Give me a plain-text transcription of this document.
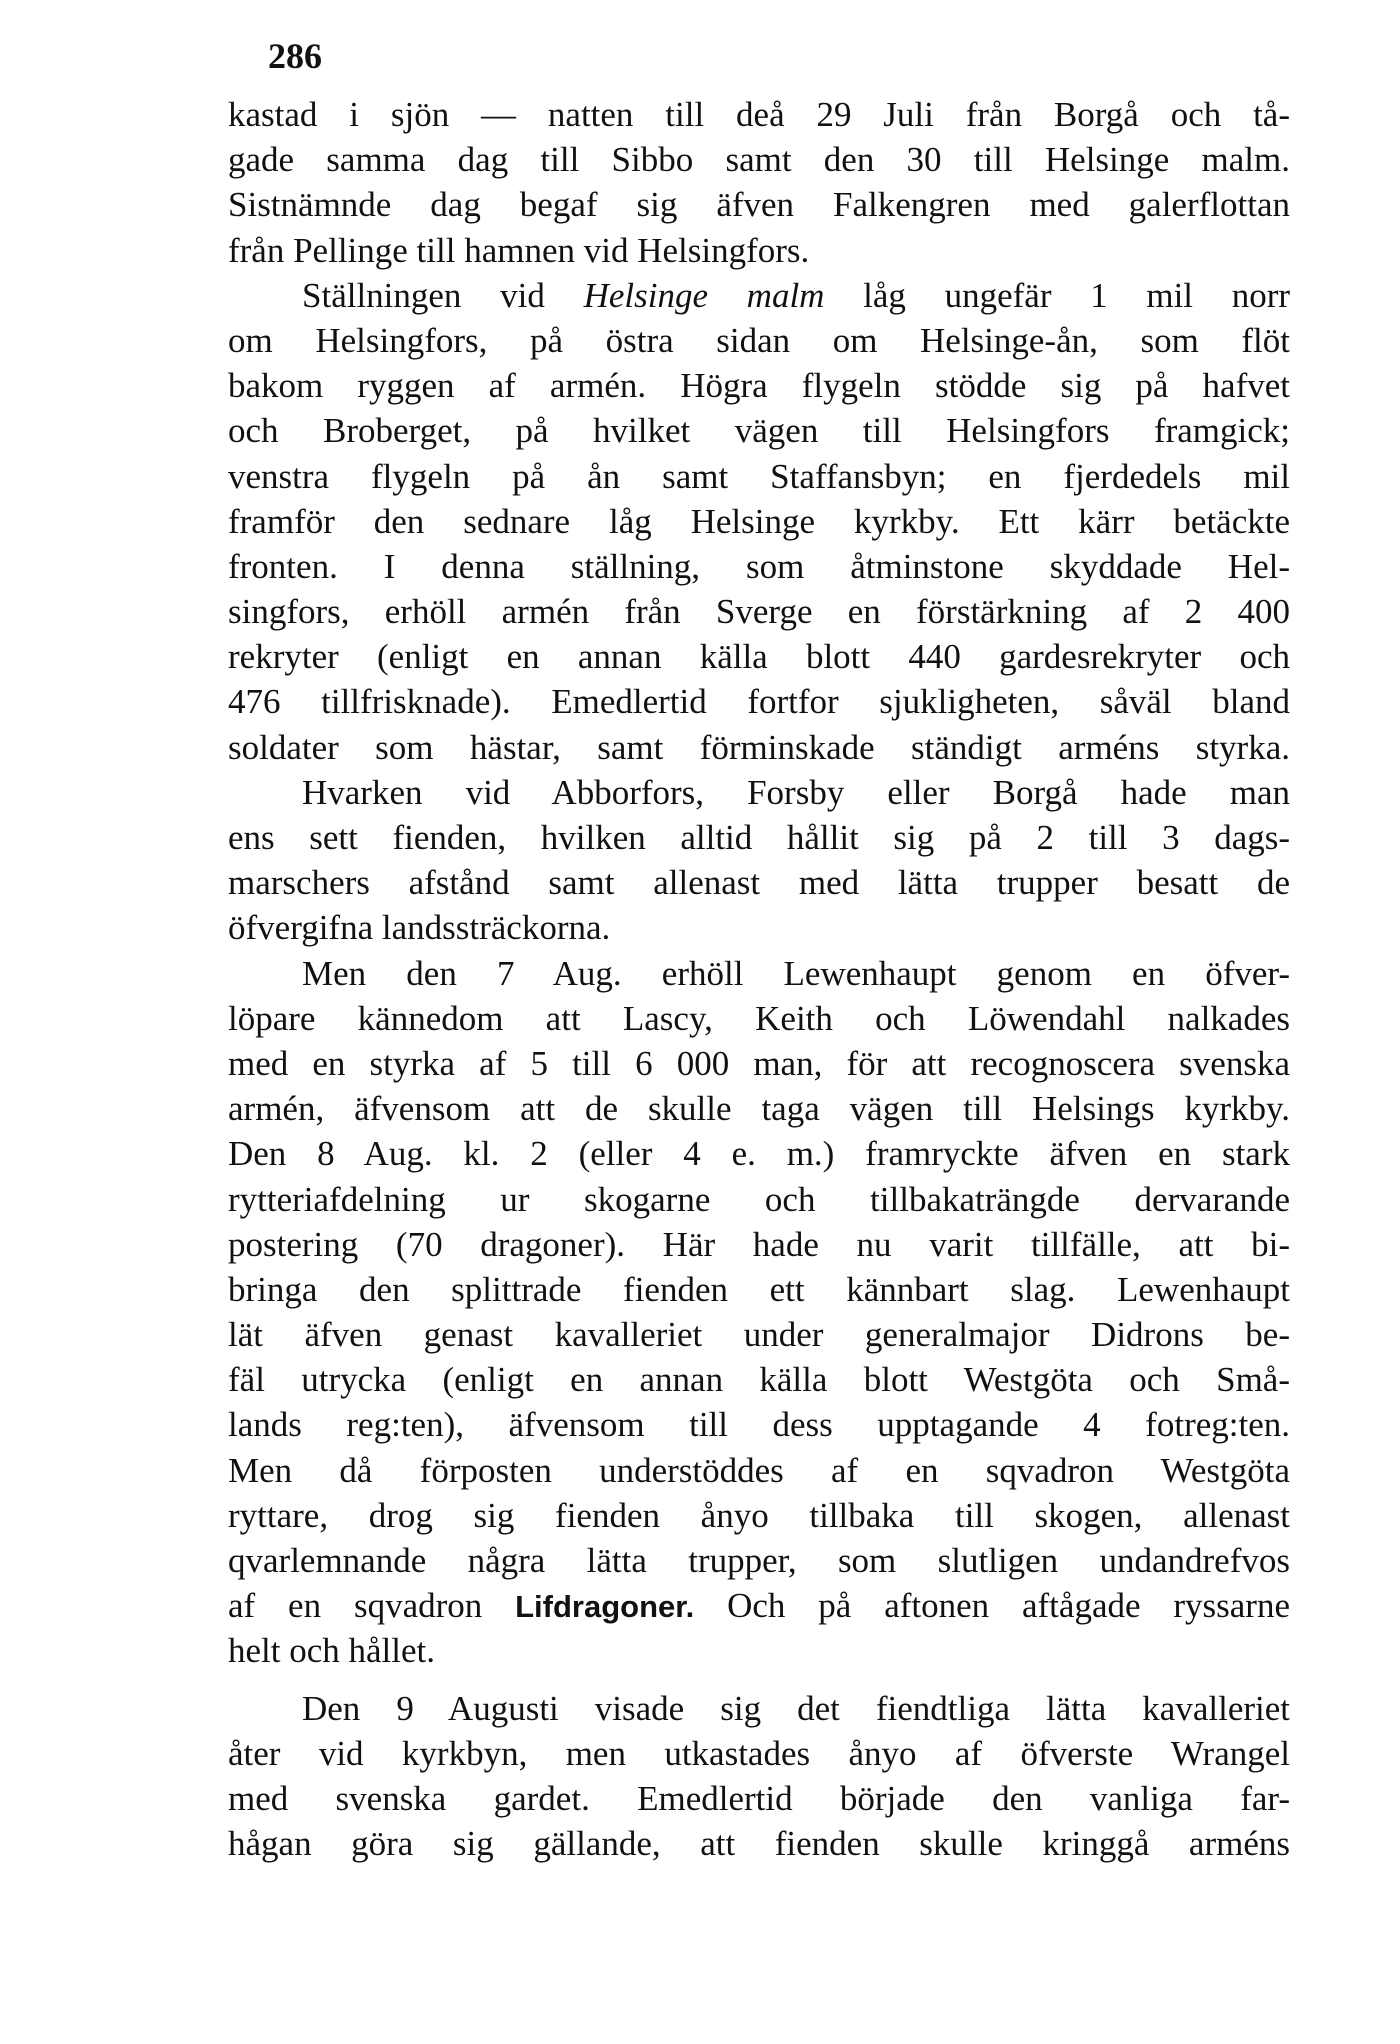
286
kastad i sjön — natten till deå 29 Juli från Borgå och tå-
gade samma dag till Sibbo samt den 30 till Helsinge malm.
Sistnämnde dag begaf sig äfven Falkengren med galerflottan
från Pellinge till hamnen vid Helsingfors.
Ställningen vid Helsinge malm låg ungefär 1 mil norr
om Helsingfors, på östra sidan om Helsinge-ån, som flöt
bakom ryggen af armén. Högra flygeln stödde sig på hafvet
och Broberget, på hvilket vägen till Helsingfors framgick;
venstra flygeln på ån samt Staffansbyn; en fjerdedels mil
framför den sednare låg Helsinge kyrkby. Ett kärr betäckte
fronten. I denna ställning, som åtminstone skyddade Hel-
singfors, erhöll armén från Sverge en förstärkning af 2 400
rekryter (enligt en annan källa blott 440 gardesrekryter och
476 tillfrisknade). Emedlertid fortfor sjukligheten, såväl bland
soldater som hästar, samt förminskade ständigt arméns styrka.
Hvarken vid Abborfors, Forsby eller Borgå hade man
ens sett fienden, hvilken alltid hållit sig på 2 till 3 dags-
marschers afstånd samt allenast med lätta trupper besatt de
öfvergifna landssträckorna.
Men den 7 Aug. erhöll Lewenhaupt genom en öfver-
löpare kännedom att Lascy, Keith och Löwendahl nalkades
med en styrka af 5 till 6 000 man, för att recognoscera svenska
armén, äfvensom att de skulle taga vägen till Helsings kyrkby.
Den 8 Aug. kl. 2 (eller 4 e. m.) framryckte äfven en stark
rytteriafdelning ur skogarne och tillbakaträngde dervarande
postering (70 dragoner). Här hade nu varit tillfälle, att bi-
bringa den splittrade fienden ett kännbart slag. Lewenhaupt
lät äfven genast kavalleriet under generalmajor Didrons be-
fäl utrycka (enligt en annan källa blott Westgöta och Små-
lands reg:ten), äfvensom till dess upptagande 4 fotreg:ten.
Men då förposten understöddes af en sqvadron Westgöta
ryttare, drog sig fienden ånyo tillbaka till skogen, allenast
qvarlemnande några lätta trupper, som slutligen undandrefvos
af en sqvadron Lifdragoner. Och på aftonen aftågade ryssarne
helt och hållet.
Den 9 Augusti visade sig det fiendtliga lätta kavalleriet
åter vid kyrkbyn, men utkastades ånyo af öfverste Wrangel
med svenska gardet. Emedlertid började den vanliga far-
hågan göra sig gällande, att fienden skulle kringgå arméns
